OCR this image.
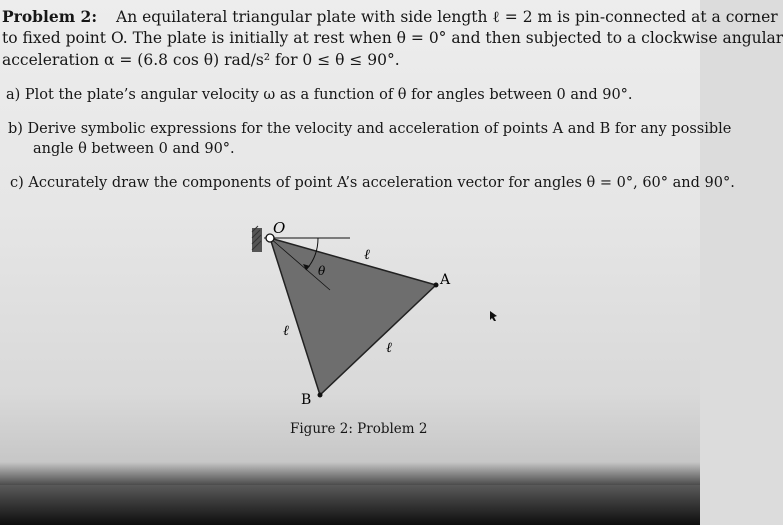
Problem 2: An equilateral triangular plate with side length ℓ = 2 m is pin-connected at a corner
to fixed point O. The plate is initially at rest when θ = 0° and then subjected to a clockwise angular
acceleration α = (6.8 cos θ) rad/s² for 0 ≤ θ ≤ 90°.
a) Plot the plate’s angular velocity ω as a function of θ for angles between 0 and 90°.
b) Derive symbolic expressions for the velocity and acceleration of points A and B for any possible
angle θ between 0 and 90°.
c) Accurately draw the components of point A’s acceleration vector for angles θ = 0°, 60° and 90°.
O
A
B
θ
ℓ
ℓ
ℓ
Figure 2: Problem 2
